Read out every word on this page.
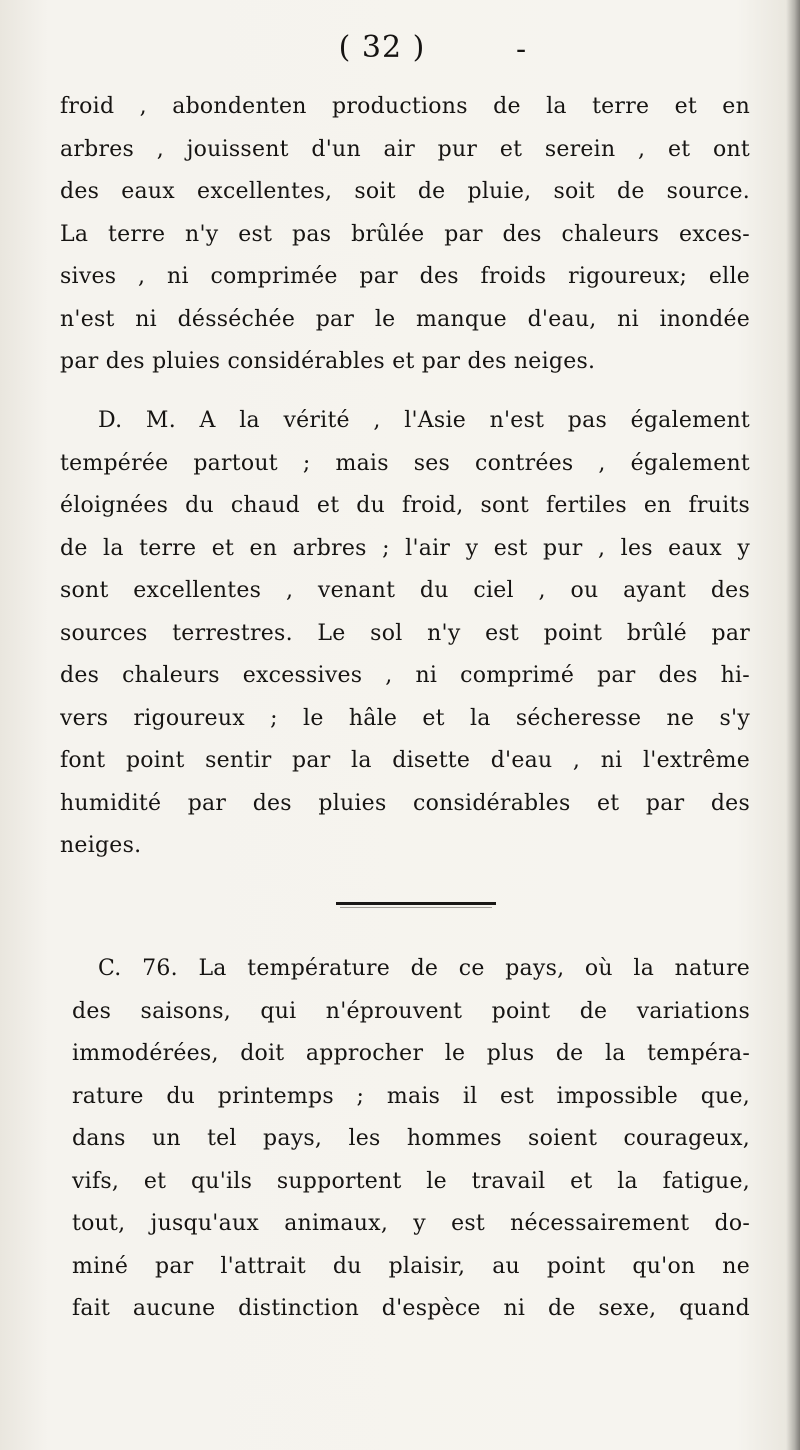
( 32 )	-
froid , abondenten productions de la terre et en
arbres , jouissent d'un air pur et serein , et ont
des eaux excellentes, soit de pluie, soit de source.
La terre n'y est pas brûlée par des chaleurs exces-
sives , ni comprimée par des froids rigoureux; elle
n'est ni désséchée par le manque d'eau, ni inondée
par des pluies considérables et par des neiges.
D. M. A la vérité , l'Asie n'est pas également
tempérée partout ; mais ses contrées , également
éloignées du chaud et du froid, sont fertiles en fruits
de la terre et en arbres ; l'air y est pur , les eaux y
sont excellentes , venant du ciel , ou ayant des
sources terrestres. Le sol n'y est point brûlé par
des chaleurs excessives , ni comprimé par des hi-
vers rigoureux ; le hâle et la sécheresse ne s'y
font point sentir par la disette d'eau , ni l'extrême
humidité par des pluies considérables et par des
neiges.
C. 76. La température de ce pays, où la nature
des saisons, qui n'éprouvent point de variations
immodérées, doit approcher le plus de la tempéra-
rature du printemps ; mais il est impossible que,
dans un tel pays, les hommes soient courageux,
vifs, et qu'ils supportent le travail et la fatigue,
tout, jusqu'aux animaux, y est nécessairement do-
miné par l'attrait du plaisir, au point qu'on ne
fait aucune distinction d'espèce ni de sexe, quand
